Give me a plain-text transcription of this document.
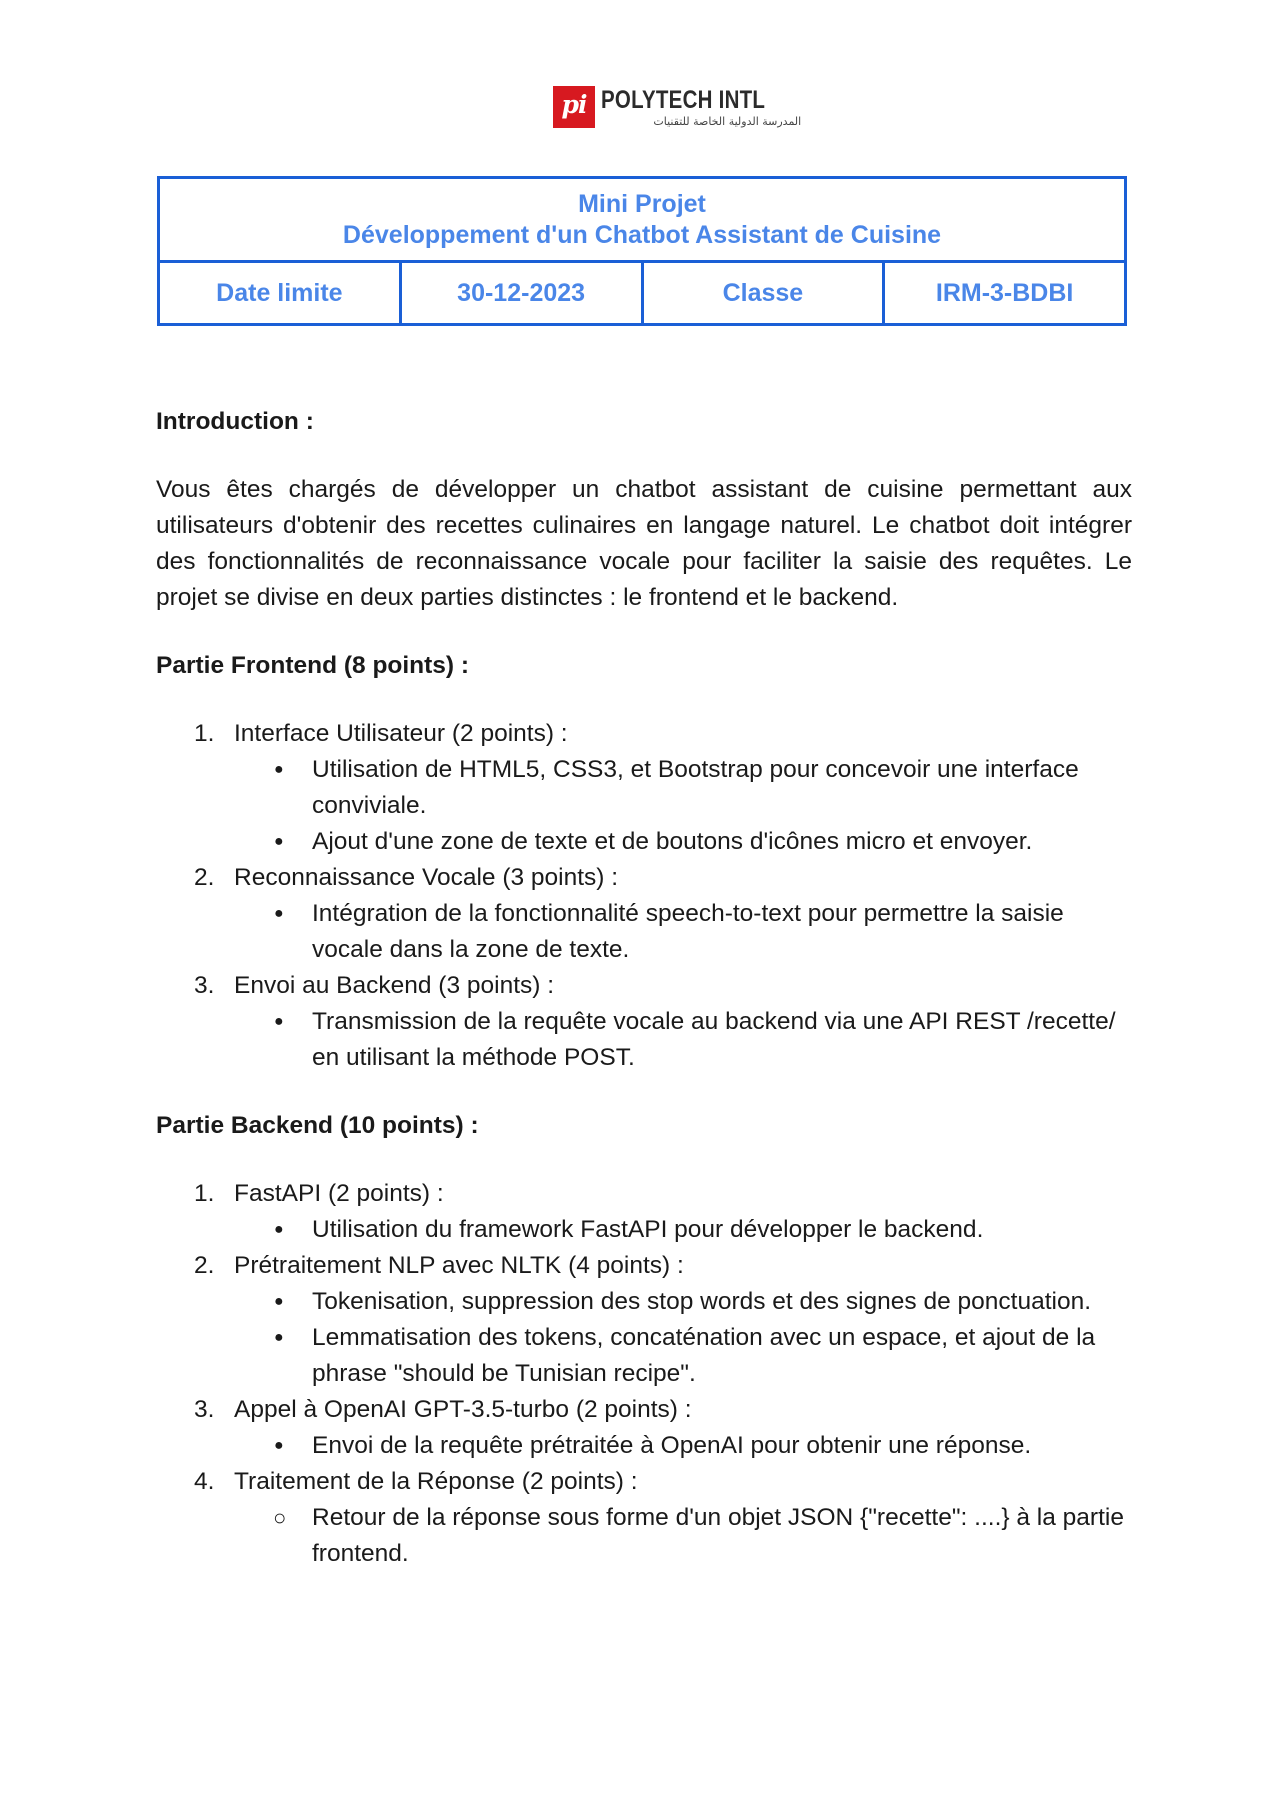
pi POLYTECH INTL
المدرسة الدولية الخاصة للتقنيات
Mini Projet
Développement d'un Chatbot Assistant de Cuisine
Date limite	30-12-2023	Classe	IRM-3-BDBI

Introduction :

Vous êtes chargés de développer un chatbot assistant de cuisine permettant aux utilisateurs d'obtenir des recettes culinaires en langage naturel. Le chatbot doit intégrer des fonctionnalités de reconnaissance vocale pour faciliter la saisie des requêtes. Le projet se divise en deux parties distinctes : le frontend et le backend.

Partie Frontend (8 points) :

1. Interface Utilisateur (2 points) :
● Utilisation de HTML5, CSS3, et Bootstrap pour concevoir une interface conviviale.
● Ajout d'une zone de texte et de boutons d'icônes micro et envoyer.
2. Reconnaissance Vocale (3 points) :
● Intégration de la fonctionnalité speech-to-text pour permettre la saisie vocale dans la zone de texte.
3. Envoi au Backend (3 points) :
● Transmission de la requête vocale au backend via une API REST /recette/ en utilisant la méthode POST.

Partie Backend (10 points) :

1. FastAPI (2 points) :
● Utilisation du framework FastAPI pour développer le backend.
2. Prétraitement NLP avec NLTK (4 points) :
● Tokenisation, suppression des stop words et des signes de ponctuation.
● Lemmatisation des tokens, concaténation avec un espace, et ajout de la phrase "should be Tunisian recipe".
3. Appel à OpenAI GPT-3.5-turbo (2 points) :
● Envoi de la requête prétraitée à OpenAI pour obtenir une réponse.
4. Traitement de la Réponse (2 points) :
○ Retour de la réponse sous forme d'un objet JSON {"recette": ....} à la partie frontend.
